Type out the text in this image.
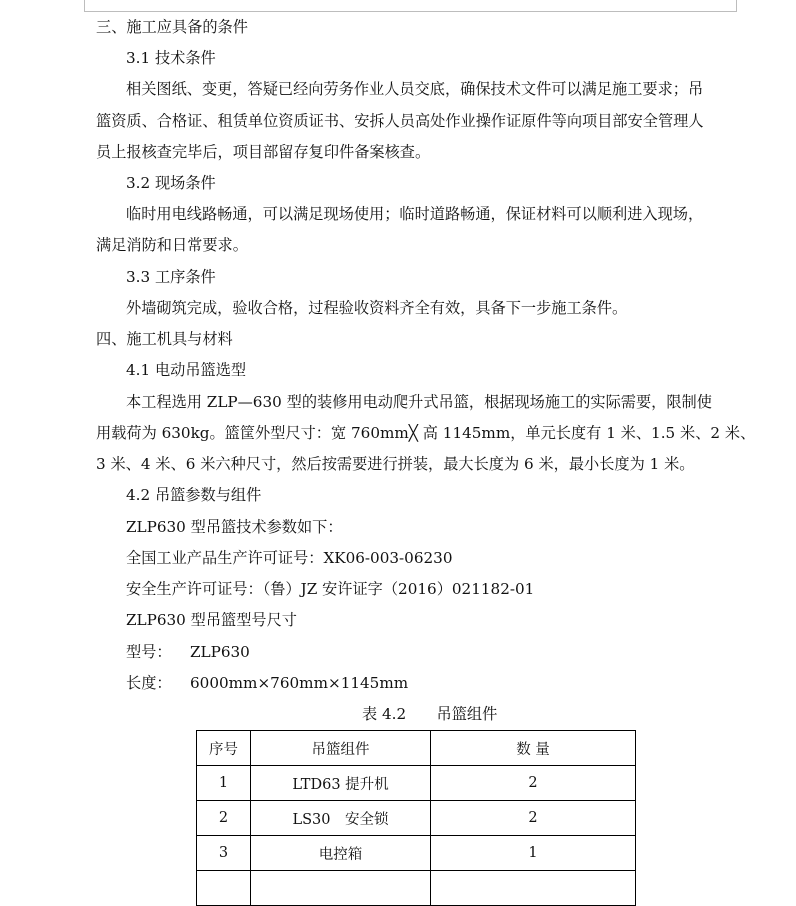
三、施工应具备的条件
3.1 技术条件
相关图纸、变更，答疑已经向劳务作业人员交底，确保技术文件可以满足施工要求；吊
篮资质、合格证、租赁单位资质证书、安拆人员高处作业操作证原件等向项目部安全管理人
员上报核查完毕后，项目部留存复印件备案核查。
3.2 现场条件
临时用电线路畅通，可以满足现场使用；临时道路畅通，保证材料可以顺利进入现场，
满足消防和日常要求。
3.3 工序条件
外墙砌筑完成，验收合格，过程验收资料齐全有效，具备下一步施工条件。
四、施工机具与材料
4.1 电动吊篮选型
本工程选用 ZLP—630 型的装修用电动爬升式吊篮，根据现场施工的实际需要，限制使
用载荷为 630kg。篮筐外型尺寸：宽 760mm╳ 高 1145mm，单元长度有 1 米、1.5 米、2 米、
3 米、4 米、6 米六种尺寸，然后按需要进行拼装，最大长度为 6 米，最小长度为 1 米。
4.2 吊篮参数与组件
ZLP630 型吊篮技术参数如下：
全国工业产品生产许可证号：XK06-003-06230
安全生产许可证号：（鲁）JZ 安许证字（2016）021182-01
ZLP630 型吊篮型号尺寸
型号： ZLP630
长度： 6000mm×760mm×1145mm
表 4.2　　吊篮组件
序号	吊篮组件	数 量
1	LTD63 提升机	2
2	LS30　安全锁	2
3	电控箱	1
